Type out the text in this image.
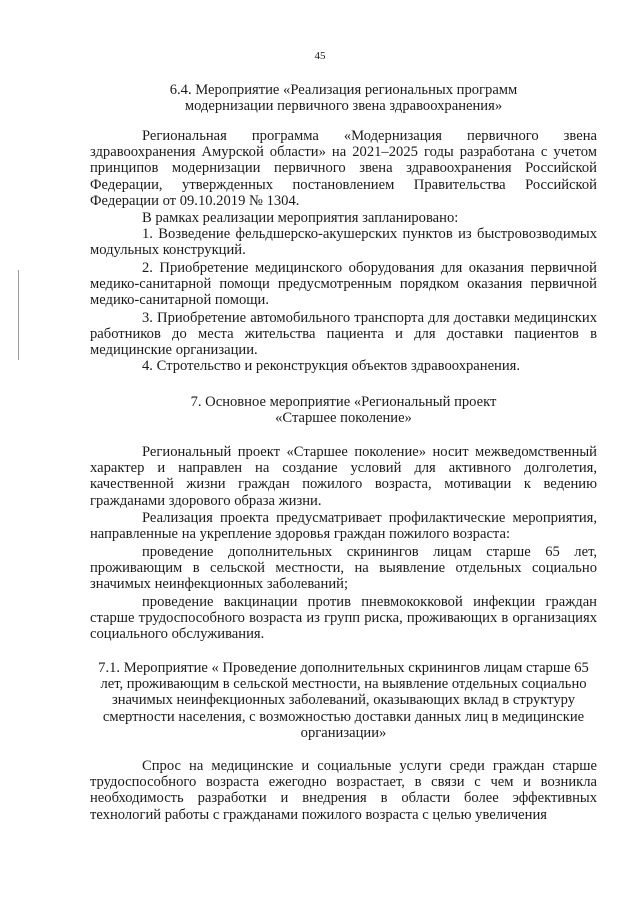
45
6.4. Мероприятие «Реализация региональных программ модернизации первичного звена здравоохранения»
Региональная программа «Модернизация первичного звена здравоохранения Амурской области» на 2021–2025 годы разработана с учетом принципов модернизации первичного звена здравоохранения Российской Федерации, утвержденных постановлением Правительства Российской Федерации от 09.10.2019 № 1304.
В рамках реализации мероприятия запланировано:
1. Возведение фельдшерско-акушерских пунктов из быстровозводимых модульных конструкций.
2. Приобретение медицинского оборудования для оказания первичной медико-санитарной помощи предусмотренным порядком оказания первичной медико-санитарной помощи.
3. Приобретение автомобильного транспорта для доставки медицинских работников до места жительства пациента и для доставки пациентов в медицинские организации.
4. Стротельство и реконструкция объектов здравоохранения.
7. Основное мероприятие «Региональный проект
«Старшее поколение»
Региональный проект «Старшее поколение» носит межведомственный характер и направлен на создание условий для активного долголетия, качественной жизни граждан пожилого возраста, мотивации к ведению гражданами здорового образа жизни.
Реализация проекта предусматривает профилактические мероприятия, направленные на укрепление здоровья граждан пожилого возраста:
проведение дополнительных скринингов лицам старше 65 лет, проживающим в сельской местности, на выявление отдельных социально значимых неинфекционных заболеваний;
проведение вакцинации против пневмококковой инфекции граждан старше трудоспособного возраста из групп риска, проживающих в организациях социального обслуживания.
7.1. Мероприятие « Проведение дополнительных скринингов лицам старше 65 лет, проживающим в сельской местности, на выявление отдельных социально значимых неинфекционных заболеваний, оказывающих вклад в структуру смертности населения, с возможностью доставки данных лиц в медицинские организации»
Спрос на медицинские и социальные услуги среди граждан старше трудоспособного возраста ежегодно возрастает, в связи с чем и возникла необходимость разработки и внедрения в области более эффективных технологий работы с гражданами пожилого возраста с целью увеличения
